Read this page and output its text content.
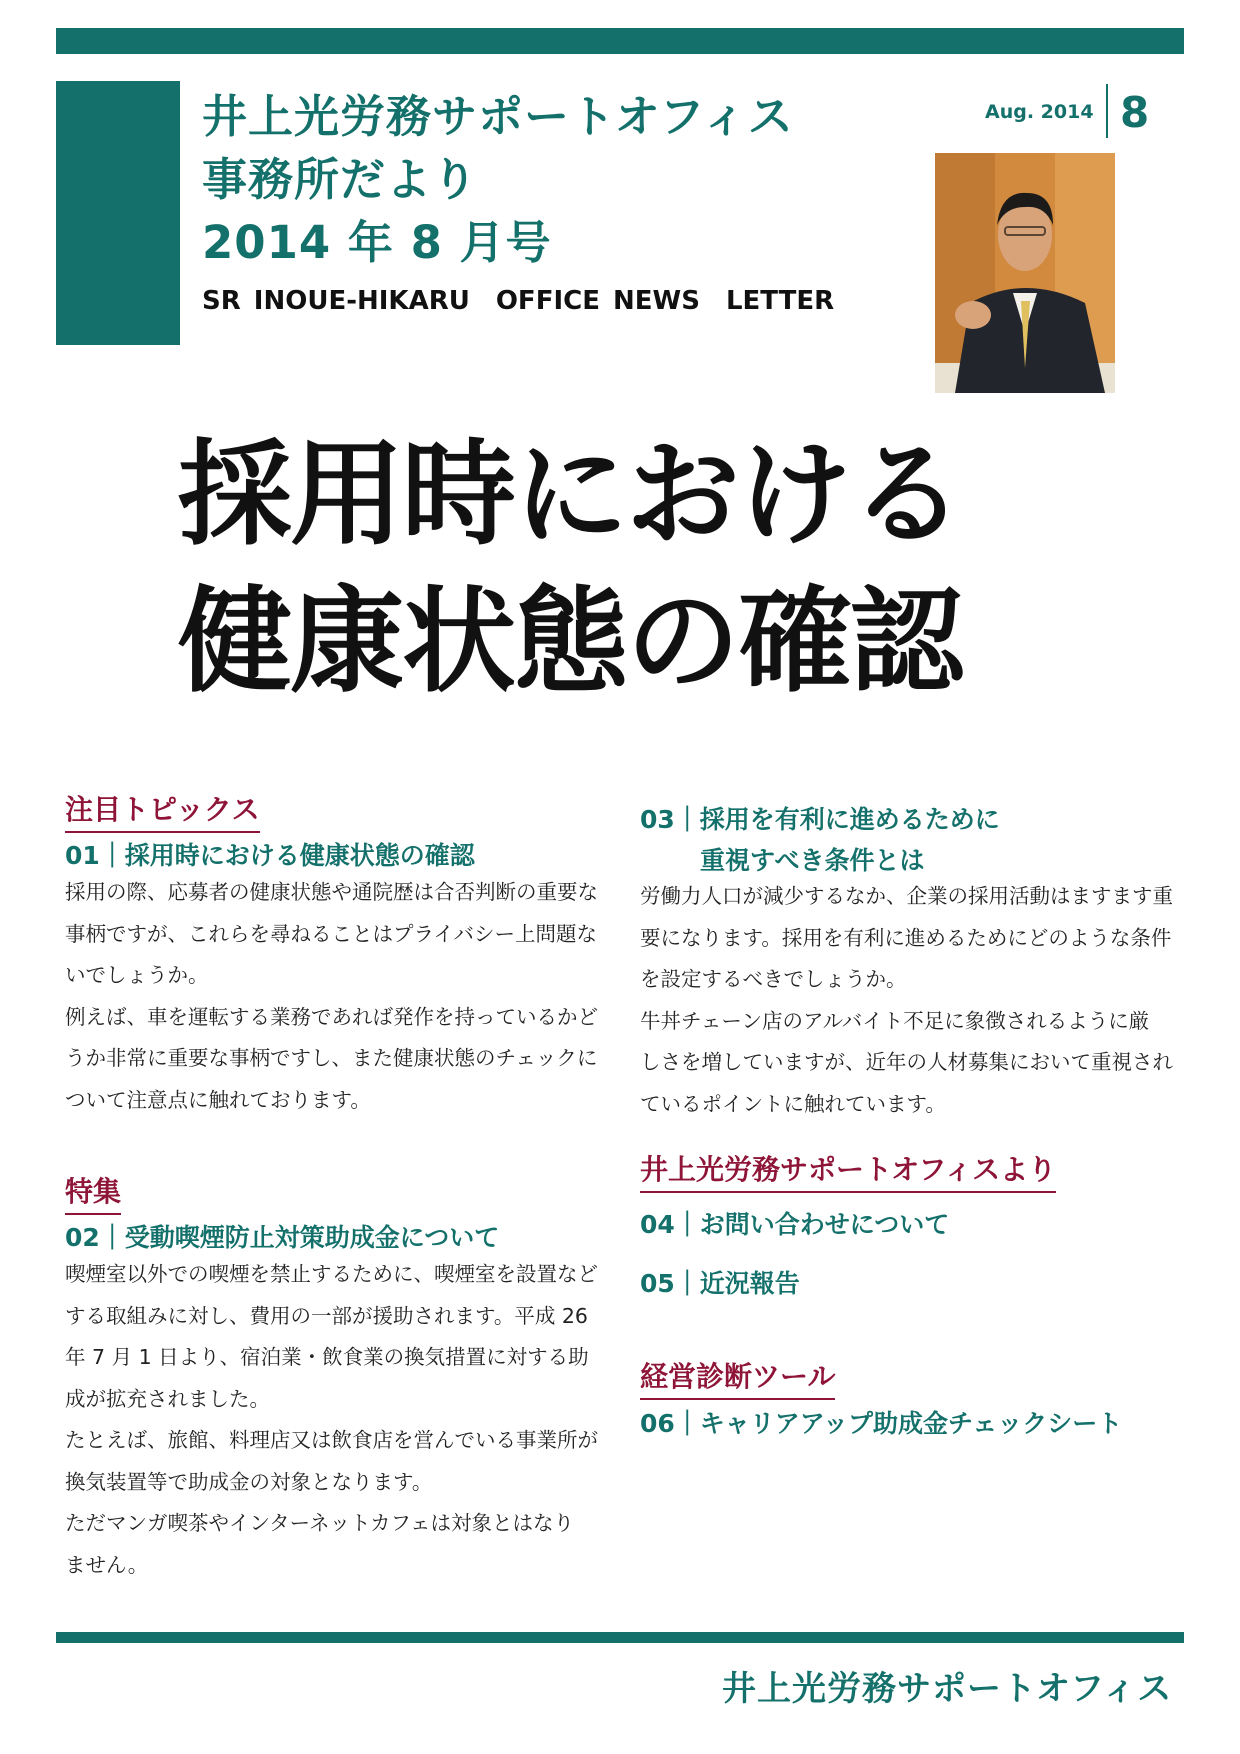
井上光労務サポートオフィス
事務所だより
2014 年 8 月号
SR INOUE-HIKARU　OFFICE NEWS　LETTER
Aug. 2014 8
採用時における
健康状態の確認
注目トピックス
01｜採用時における健康状態の確認
採用の際、応募者の健康状態や通院歴は合否判断の重要な
事柄ですが、これらを尋ねることはプライバシー上問題な
いでしょうか。
例えば、車を運転する業務であれば発作を持っているかど
うか非常に重要な事柄ですし、また健康状態のチェックに
ついて注意点に触れております。
特集
02｜受動喫煙防止対策助成金について
喫煙室以外での喫煙を禁止するために、喫煙室を設置など
する取組みに対し、費用の一部が援助されます。平成 26
年 7 月 1 日より、宿泊業・飲食業の換気措置に対する助
成が拡充されました。
たとえば、旅館、料理店又は飲食店を営んでいる事業所が
換気装置等で助成金の対象となります。
ただマンガ喫茶やインターネットカフェは対象とはなり
ません。
03｜採用を有利に進めるために
重視すべき条件とは
労働力人口が減少するなか、企業の採用活動はますます重
要になります。採用を有利に進めるためにどのような条件
を設定するべきでしょうか。
牛丼チェーン店のアルバイト不足に象徴されるように厳
しさを増していますが、近年の人材募集において重視され
ているポイントに触れています。
井上光労務サポートオフィスより
04｜お問い合わせについて
05｜近況報告
経営診断ツール
06｜キャリアアップ助成金チェックシート
井上光労務サポートオフィス
